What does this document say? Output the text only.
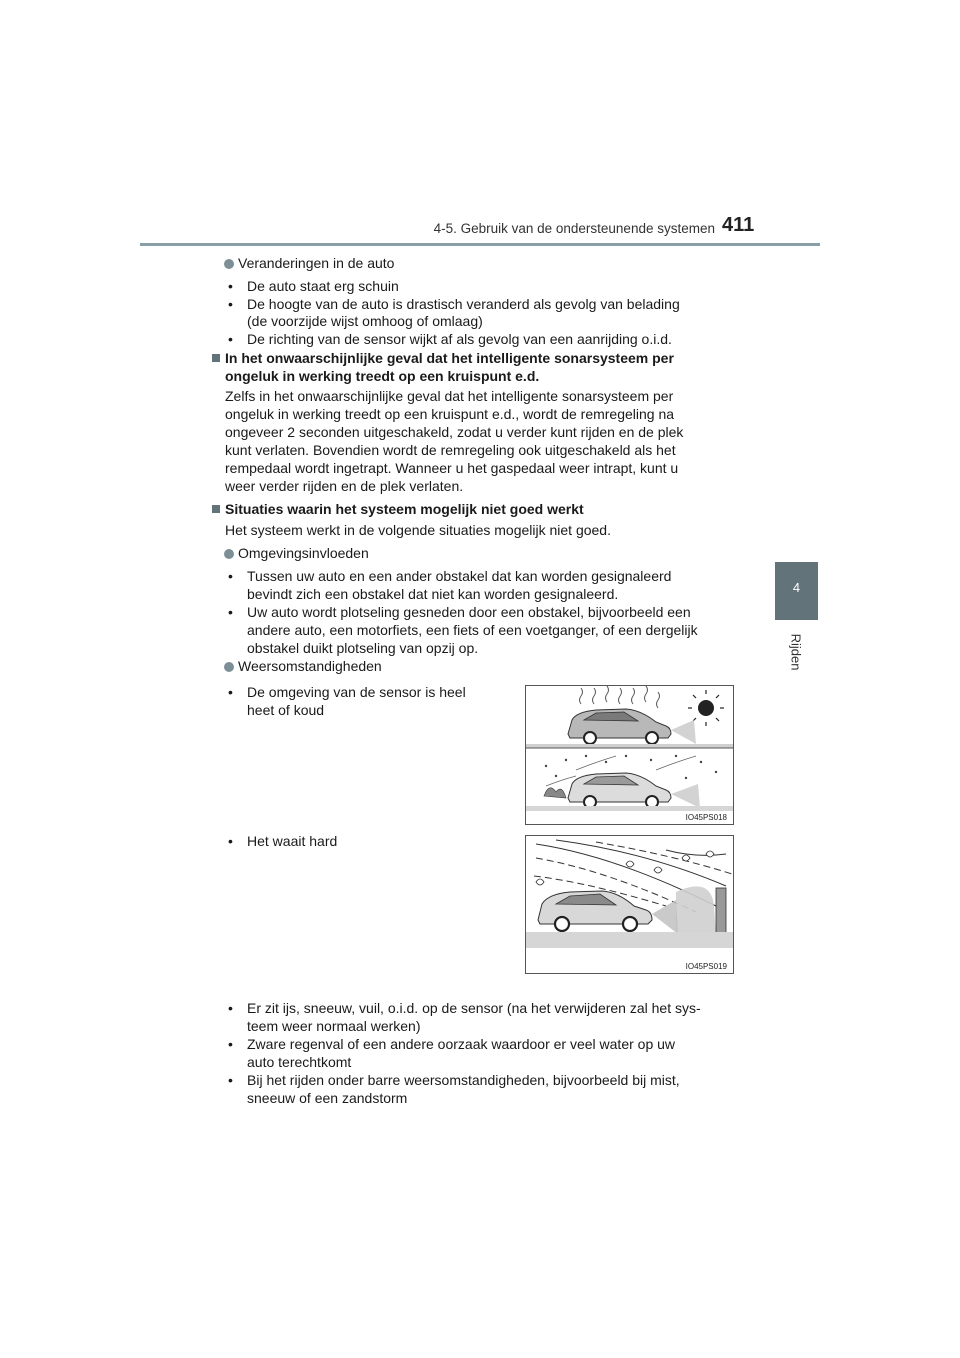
4-5. Gebruik van de ondersteunende systemen 411
4
Rijden
Veranderingen in de auto
• De auto staat erg schuin
• De hoogte van de auto is drastisch veranderd als gevolg van belading
(de voorzijde wijst omhoog of omlaag)
• De richting van de sensor wijkt af als gevolg van een aanrijding o.i.d.
In het onwaarschijnlijke geval dat het intelligente sonarsysteem per
ongeluk in werking treedt op een kruispunt e.d.
Zelfs in het onwaarschijnlijke geval dat het intelligente sonarsysteem per
ongeluk in werking treedt op een kruispunt e.d., wordt de remregeling na
ongeveer 2 seconden uitgeschakeld, zodat u verder kunt rijden en de plek
kunt verlaten. Bovendien wordt de remregeling ook uitgeschakeld als het
rempedaal wordt ingetrapt. Wanneer u het gaspedaal weer intrapt, kunt u
weer verder rijden en de plek verlaten.
Situaties waarin het systeem mogelijk niet goed werkt
Het systeem werkt in de volgende situaties mogelijk niet goed.
Omgevingsinvloeden
• Tussen uw auto en een ander obstakel dat kan worden gesignaleerd
bevindt zich een obstakel dat niet kan worden gesignaleerd.
• Uw auto wordt plotseling gesneden door een obstakel, bijvoorbeeld een
andere auto, een motorfiets, een fiets of een voetganger, of een dergelijk
obstakel duikt plotseling van opzij op.
Weersomstandigheden
• De omgeving van de sensor is heel
heet of koud
• Het waait hard
IO45PS018
IO45PS019
• Er zit ijs, sneeuw, vuil, o.i.d. op de sensor (na het verwijderen zal het sys-
teem weer normaal werken)
• Zware regenval of een andere oorzaak waardoor er veel water op uw
auto terechtkomt
• Bij het rijden onder barre weersomstandigheden, bijvoorbeeld bij mist,
sneeuw of een zandstorm
